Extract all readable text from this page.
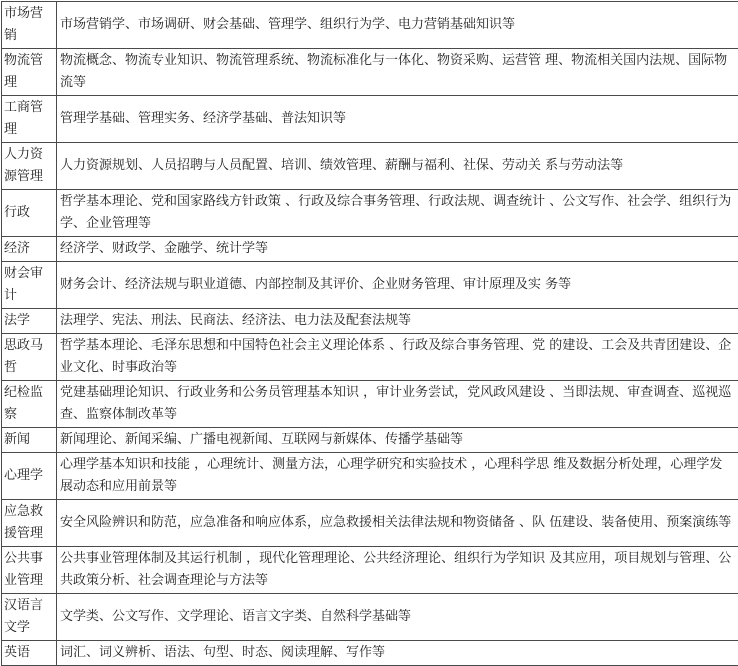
市场营销	市场营销学、市场调研、财会基础、管理学、组织行为学、电力营销基础知识等
物流管理	物流概念、物流专业知识、物流管理系统、物流标准化与一体化、物资采购、运营管 理、物流相关国内法规、国际物流等
工商管理	管理学基础、管理实务、经济学基础、普法知识等
人力资源管理	人力资源规划、人员招聘与人员配置、培训、绩效管理、薪酬与福利、社保、劳动关 系与劳动法等
行政	哲学基本理论、党和国家路线方针政策 、行政及综合事务管理、行政法规、调查统计 、公文写作、社会学、组织行为学、企业管理等
经济	经济学、财政学、金融学、统计学等
财会审计	财务会计、经济法规与职业道德、内部控制及其评价、企业财务管理、审计原理及实 务等
法学	法理学、宪法、刑法、民商法、经济法、电力法及配套法规等
思政马哲	哲学基本理论、毛泽东思想和中国特色社会主义理论体系 、行政及综合事务管理、党 的建设、工会及共青团建设、企业文化、时事政治等
纪检监察	党建基础理论知识、行政业务和公务员管理基本知识 ，审计业务尝试，党风政风建设 、当即法规、审查调查、巡视巡查、监察体制改革等
新闻	新闻理论、新闻采编、广播电视新闻、互联网与新媒体、传播学基础等
心理学	心理学基本知识和技能 ，心理统计、测量方法，心理学研究和实验技术 ，心理科学思 维及数据分析处理，心理学发展动态和应用前景等
应急救援管理	安全风险辨识和防范，应急准备和响应体系，应急救援相关法律法规和物资储备 、队 伍建设、装备使用、预案演练等
公共事业管理	公共事业管理体制及其运行机制 ，现代化管理理论、公共经济理论、组织行为学知识 及其应用，项目规划与管理、公共政策分析、社会调查理论与方法等
汉语言文学	文学类、公文写作、文学理论、语言文字类、自然科学基础等
英语	词汇、词义辨析、语法、句型、时态、阅读理解、写作等
